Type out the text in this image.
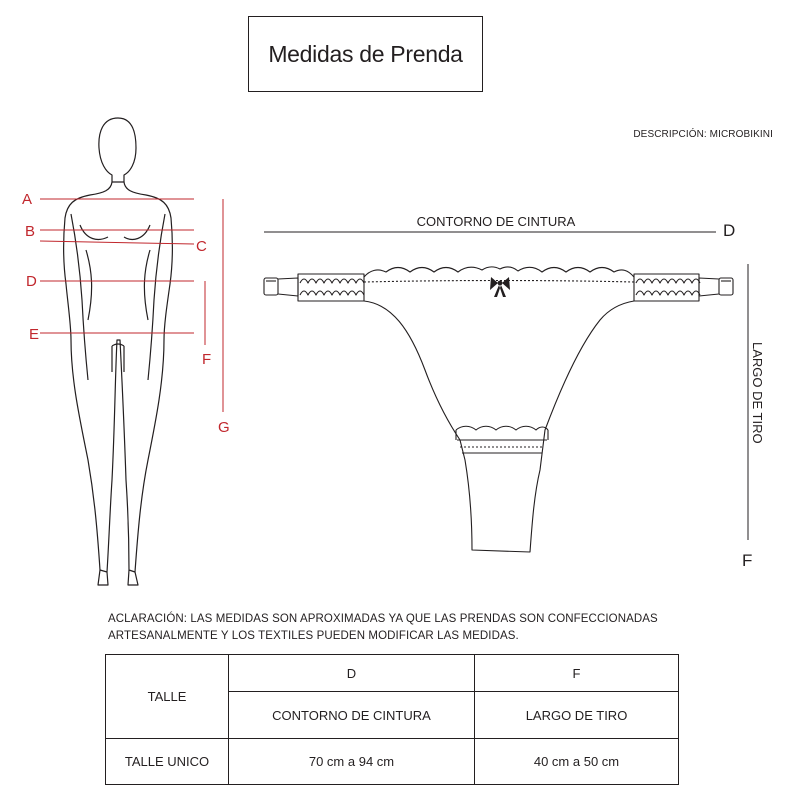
Medidas de Prenda
DESCRIPCIÓN: MICROBIKINI
A
B
C
D
E
F
G
CONTORNO DE CINTURA	D
LARGO DE TIRO
F
ACLARACIÓN: LAS MEDIDAS SON APROXIMADAS YA QUE LAS PRENDAS SON CONFECCIONADAS
ARTESANALMENTE Y LOS TEXTILES PUEDEN MODIFICAR LAS MEDIDAS.
TALLE	D	F
	CONTORNO DE CINTURA	LARGO DE TIRO
TALLE UNICO	70 cm a 94 cm	40 cm a 50 cm
